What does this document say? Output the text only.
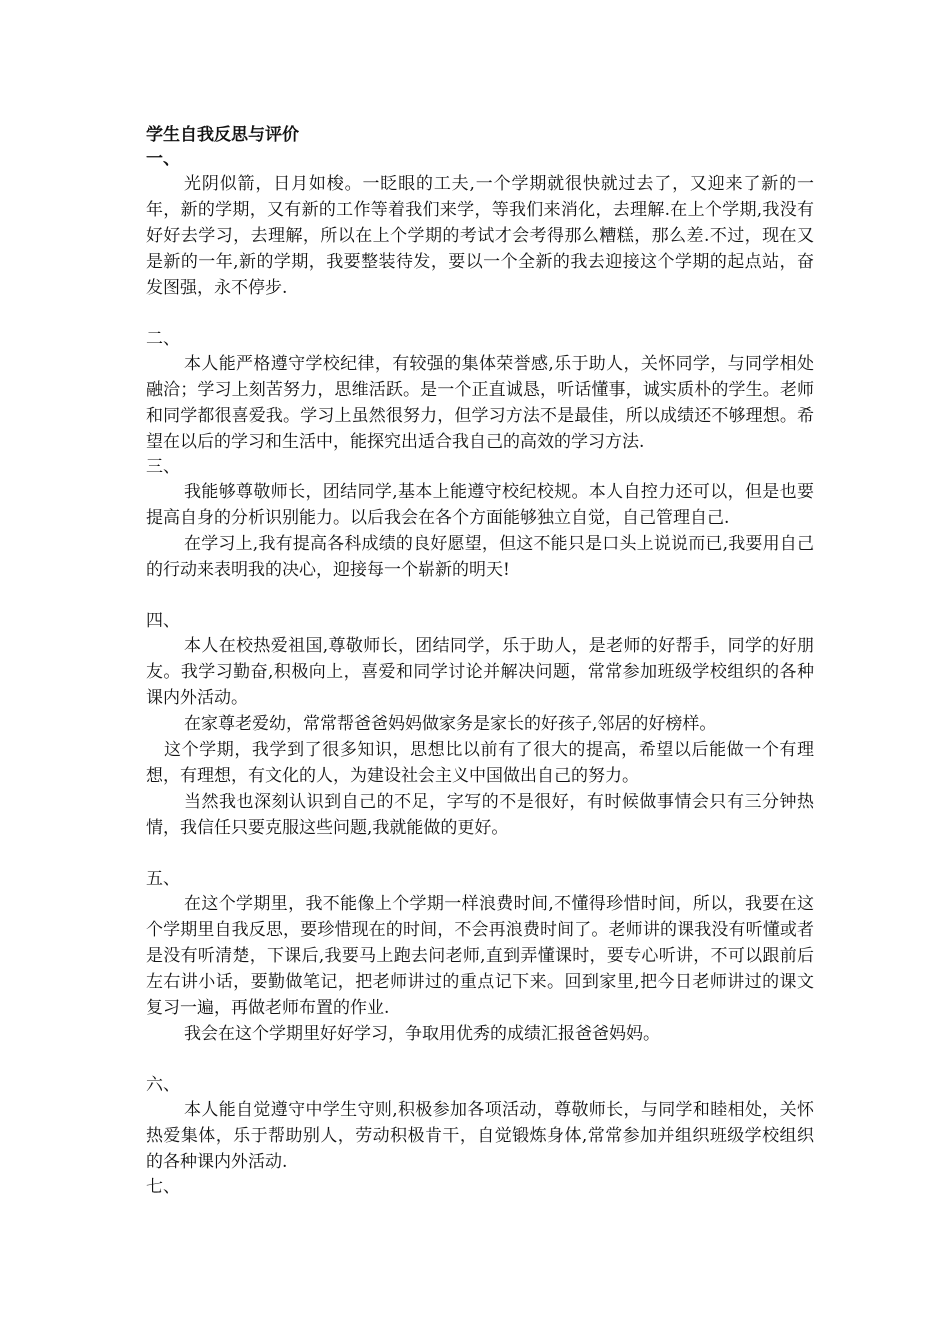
学生自我反思与评价
一、

光阴似箭，日月如梭。一眨眼的工夫,一个学期就很快就过去了，又迎来了新的一年，新的学期，又有新的工作等着我们来学，等我们来消化，去理解.在上个学期,我没有好好去学习，去理解，所以在上个学期的考试才会考得那么糟糕，那么差.不过，现在又是新的一年,新的学期，我要整装待发，要以一个全新的我去迎接这个学期的起点站，奋发图强，永不停步.

二、

本人能严格遵守学校纪律，有较强的集体荣誉感,乐于助人，关怀同学，与同学相处融洽；学习上刻苦努力，思维活跃。是一个正直诚恳，听话懂事，诚实质朴的学生。老师和同学都很喜爱我。学习上虽然很努力，但学习方法不是最佳，所以成绩还不够理想。希望在以后的学习和生活中，能探究出适合我自己的高效的学习方法.

三、

我能够尊敬师长，团结同学,基本上能遵守校纪校规。本人自控力还可以，但是也要提高自身的分析识别能力。以后我会在各个方面能够独立自觉，自己管理自己.

在学习上,我有提高各科成绩的良好愿望，但这不能只是口头上说说而已,我要用自己的行动来表明我的决心，迎接每一个崭新的明天!

四、

本人在校热爱祖国,尊敬师长，团结同学，乐于助人，是老师的好帮手，同学的好朋友。我学习勤奋,积极向上，喜爱和同学讨论并解决问题，常常参加班级学校组织的各种课内外活动。

在家尊老爱幼，常常帮爸爸妈妈做家务是家长的好孩子,邻居的好榜样。

这个学期，我学到了很多知识，思想比以前有了很大的提高，希望以后能做一个有理想，有理想，有文化的人，为建设社会主义中国做出自己的努力。

当然我也深刻认识到自己的不足，字写的不是很好，有时候做事情会只有三分钟热情，我信任只要克服这些问题,我就能做的更好。

五、

在这个学期里，我不能像上个学期一样浪费时间,不懂得珍惜时间，所以，我要在这个学期里自我反思，要珍惜现在的时间，不会再浪费时间了。老师讲的课我没有听懂或者是没有听清楚，下课后,我要马上跑去问老师,直到弄懂课时，要专心听讲，不可以跟前后左右讲小话，要勤做笔记，把老师讲过的重点记下来。回到家里,把今日老师讲过的课文复习一遍，再做老师布置的作业.

我会在这个学期里好好学习，争取用优秀的成绩汇报爸爸妈妈。

六、

本人能自觉遵守中学生守则,积极参加各项活动，尊敬师长，与同学和睦相处，关怀热爱集体，乐于帮助别人，劳动积极肯干，自觉锻炼身体,常常参加并组织班级学校组织的各种课内外活动.

七、
